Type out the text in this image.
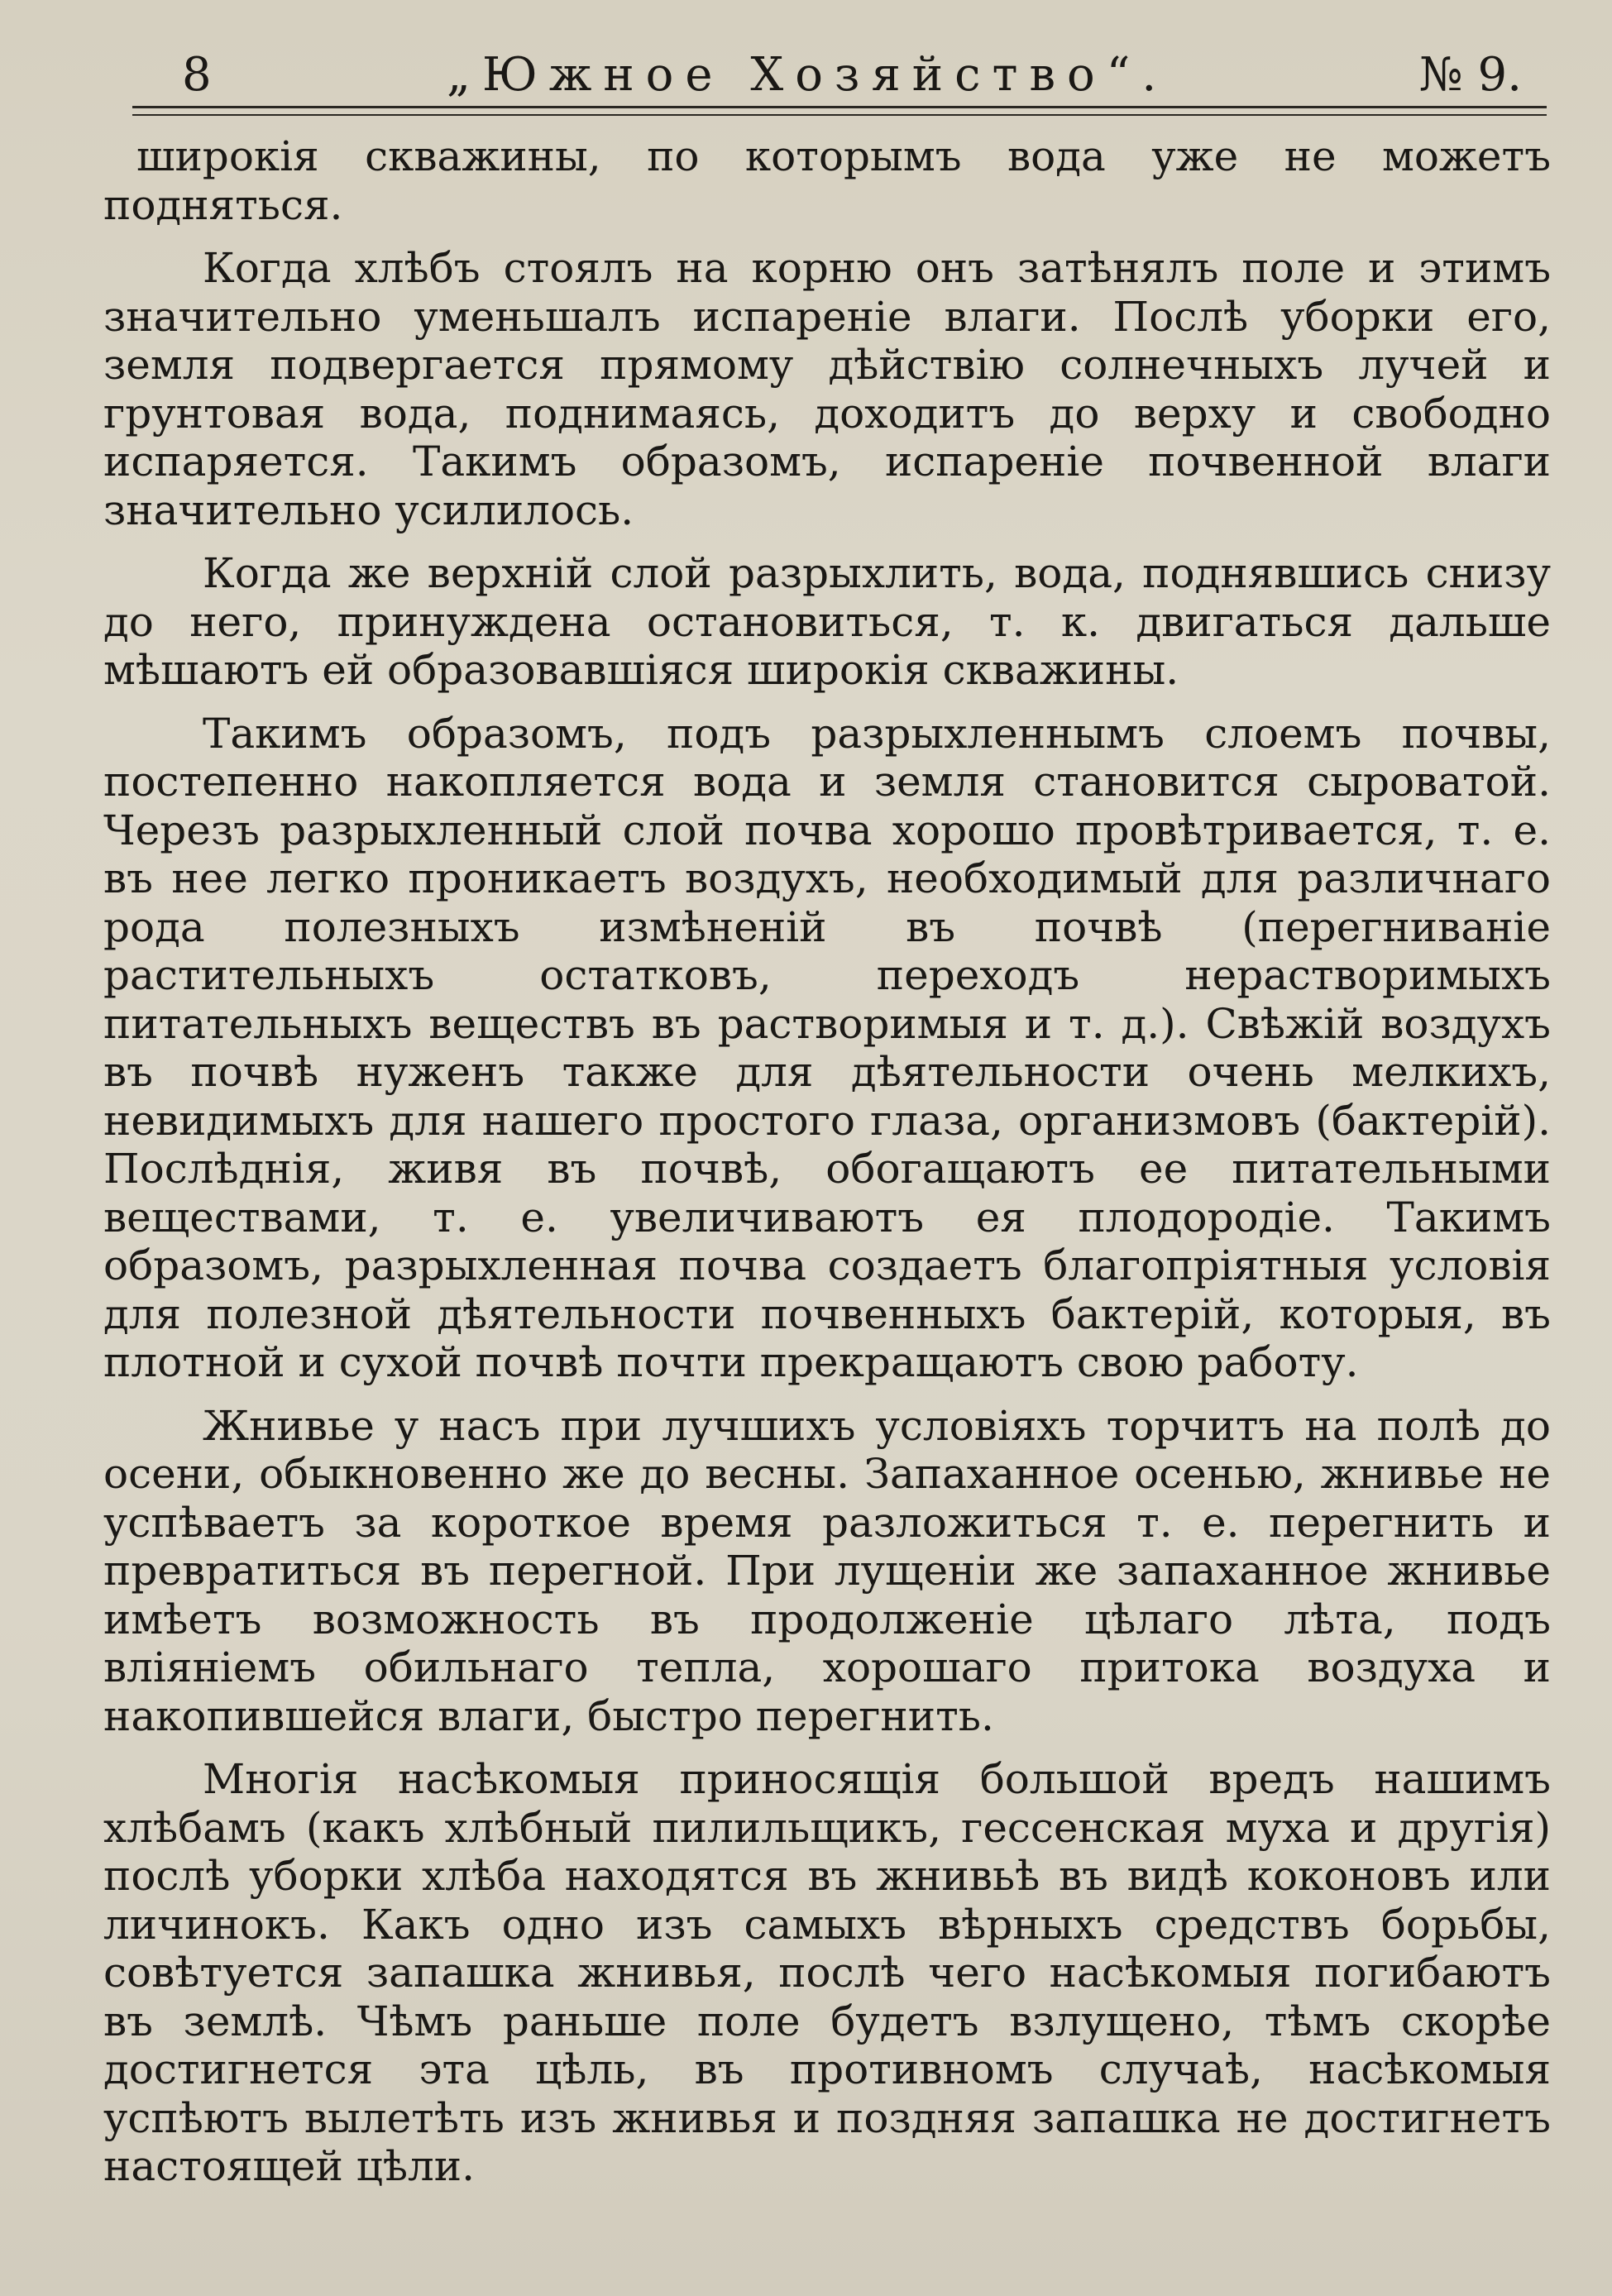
8	„Южное Хозяйство“.	№ 9.

широкія скважины, по которымъ вода уже не можетъ подняться.

Когда хлѣбъ стоялъ на корню онъ затѣнялъ поле и этимъ значительно уменьшалъ испареніе влаги. Послѣ уборки его, земля подвергается прямому дѣйствію солнечныхъ лучей и грунтовая вода, поднимаясь, доходитъ до верху и свободно испаряется. Такимъ образомъ, испареніе почвенной влаги значительно усилилось.

Когда же верхній слой разрыхлить, вода, поднявшись снизу до него, принуждена остановиться, т. к. двигаться дальше мѣшаютъ ей образовавшіяся широкія скважины.

Такимъ образомъ, подъ разрыхленнымъ слоемъ почвы, постепенно накопляется вода и земля становится сыроватой. Черезъ разрыхленный слой почва хорошо провѣтривается, т. е. въ нее легко проникаетъ воздухъ, необходимый для различнаго рода полезныхъ измѣненій въ почвѣ (перегниваніе растительныхъ остатковъ, переходъ нерастворимыхъ питательныхъ веществъ въ растворимыя и т. д.). Свѣжій воздухъ въ почвѣ нуженъ также для дѣятельности очень мелкихъ, невидимыхъ для нашего простого глаза, организмовъ (бактерій). Послѣднія, живя въ почвѣ, обогащаютъ ее питательными веществами, т. е. увеличиваютъ ея плодородіе. Такимъ образомъ, разрыхленная почва создаетъ благопріятныя условія для полезной дѣятельности почвенныхъ бактерій, которыя, въ плотной и сухой почвѣ почти прекращаютъ свою работу.

Жнивье у насъ при лучшихъ условіяхъ торчитъ на полѣ до осени, обыкновенно же до весны. Запаханное осенью, жнивье не успѣваетъ за короткое время разложиться т. е. перегнить и превратиться въ перегной. При лущеніи же запаханное жнивье имѣетъ возможность въ продолженіе цѣлаго лѣта, подъ вліяніемъ обильнаго тепла, хорошаго притока воздуха и накопившейся влаги, быстро перегнить.

Многія насѣкомыя приносящія большой вредъ нашимъ хлѣбамъ (какъ хлѣбный пилильщикъ, гессенская муха и другія) послѣ уборки хлѣба находятся въ жнивьѣ въ видѣ коконовъ или личинокъ. Какъ одно изъ самыхъ вѣрныхъ средствъ борьбы, совѣтуется запашка жнивья, послѣ чего насѣкомыя погибаютъ въ землѣ. Чѣмъ раньше поле будетъ взлущено, тѣмъ скорѣе достигнется эта цѣль, въ противномъ случаѣ, насѣкомыя успѣютъ вылетѣть изъ жнивья и поздняя запашка не достигнетъ настоящей цѣли.
